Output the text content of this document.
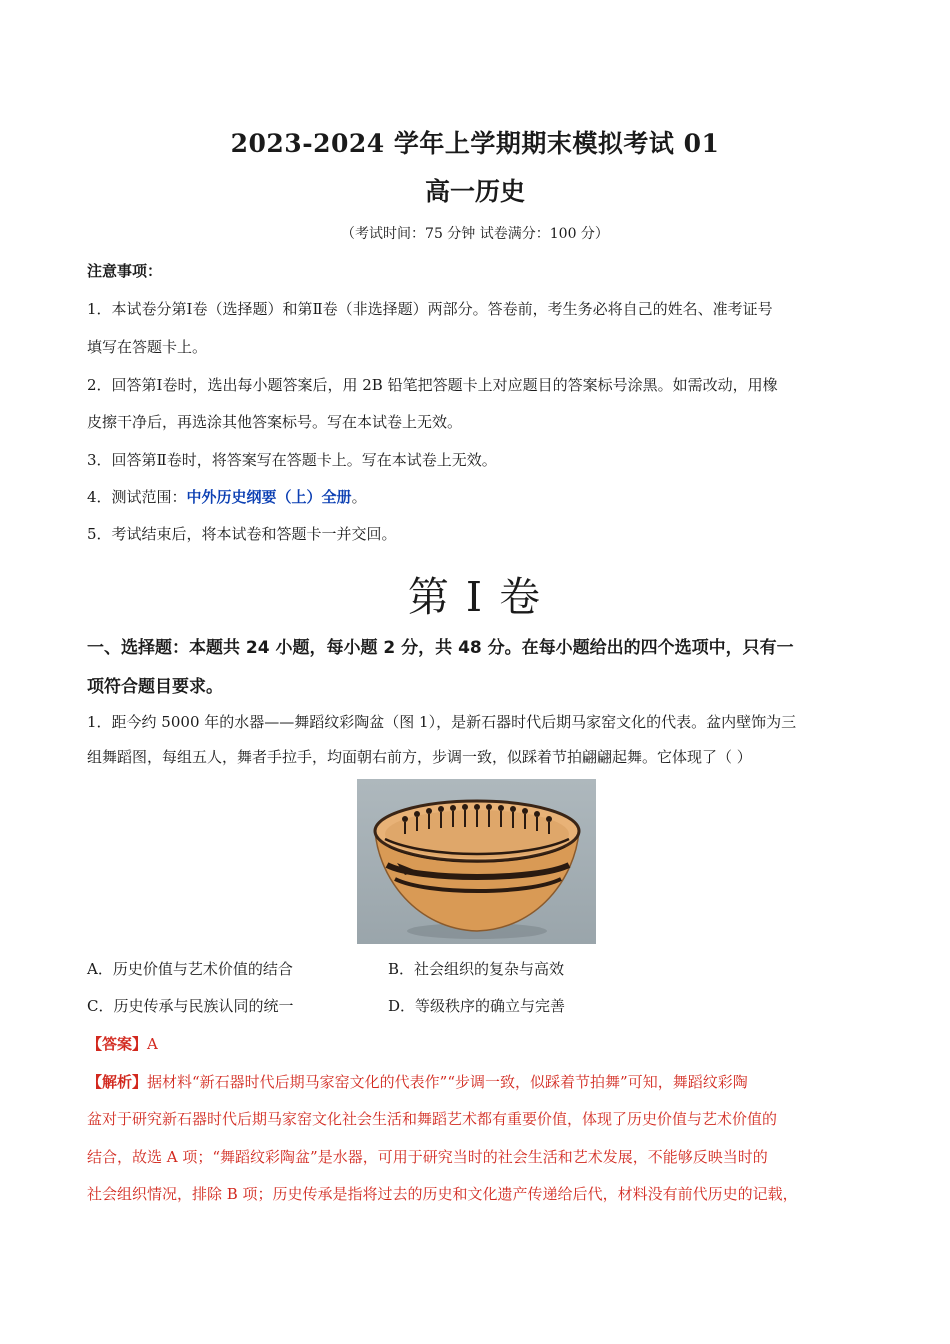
2023-2024 学年上学期期末模拟考试 01
高一历史
（考试时间：75 分钟 试卷满分：100 分）
注意事项：
1．本试卷分第Ⅰ卷（选择题）和第Ⅱ卷（非选择题）两部分。答卷前，考生务必将自己的姓名、准考证号
填写在答题卡上。
2．回答第Ⅰ卷时，选出每小题答案后，用 2B 铅笔把答题卡上对应题目的答案标号涂黑。如需改动，用橡
皮擦干净后，再选涂其他答案标号。写在本试卷上无效。
3．回答第Ⅱ卷时，将答案写在答题卡上。写在本试卷上无效。
4．测试范围：中外历史纲要（上）全册。
5．考试结束后，将本试卷和答题卡一并交回。
第 I 卷
一、选择题：本题共 24 小题，每小题 2 分，共 48 分。在每小题给出的四个选项中，只有一
项符合题目要求。
1．距今约 5000 年的水器——舞蹈纹彩陶盆（图 1），是新石器时代后期马家窑文化的代表。盆内壁饰为三
组舞蹈图，每组五人，舞者手拉手，均面朝右前方，步调一致，似踩着节拍翩翩起舞。它体现了（ ）
A．历史价值与艺术价值的结合	B．社会组织的复杂与高效
C．历史传承与民族认同的统一	D．等级秩序的确立与完善
【答案】A
【解析】据材料“新石器时代后期马家窑文化的代表作”“步调一致，似踩着节拍舞”可知，舞蹈纹彩陶
盆对于研究新石器时代后期马家窑文化社会生活和舞蹈艺术都有重要价值，体现了历史价值与艺术价值的
结合，故选 A 项；“舞蹈纹彩陶盆”是水器，可用于研究当时的社会生活和艺术发展，不能够反映当时的
社会组织情况，排除 B 项；历史传承是指将过去的历史和文化遗产传递给后代，材料没有前代历史的记载，
